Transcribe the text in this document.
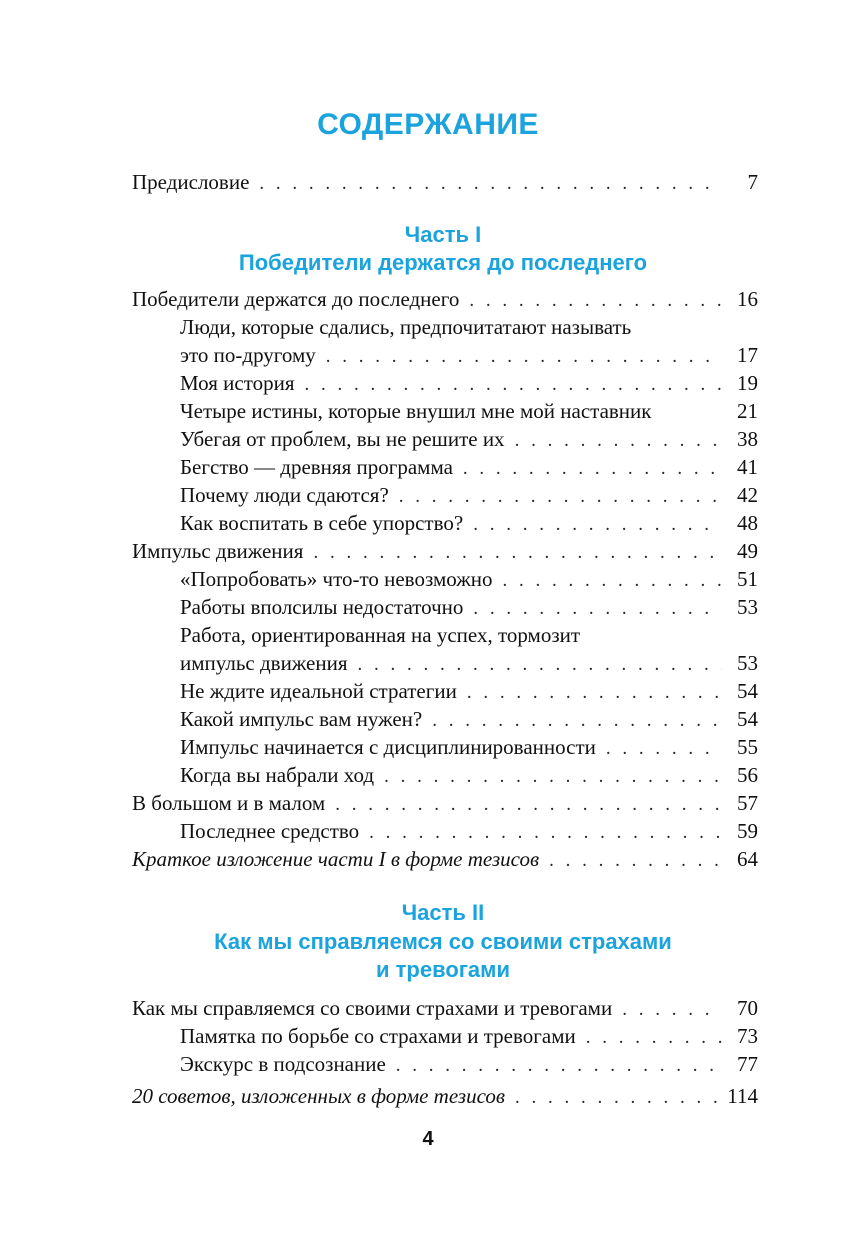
СОДЕРЖАНИЕ
Предисловие . . .	7
Часть I
Победители держатся до последнего
Победители держатся до последнего . . .	16
Люди, которые сдались, предпочитатают называть
это по-другому . . .	17
Моя история . . .	19
Четыре истины, которые внушил мне мой наставник	21
Убегая от проблем, вы не решите их . . .	38
Бегство — древняя программа . . .	41
Почему люди сдаются? . . .	42
Как воспитать в себе упорство? . . .	48
Импульс движения . . .	49
«Попробовать» что-то невозможно . . .	51
Работы вполсилы недостаточно . . .	53
Работа, ориентированная на успех, тормозит
импульс движения . . .	53
Не ждите идеальной стратегии . . .	54
Какой импульс вам нужен? . . .	54
Импульс начинается с дисциплинированности . . .	55
Когда вы набрали ход . . .	56
В большом и в малом . . .	57
Последнее средство . . .	59
Краткое изложение части I в форме тезисов . . .	64
Часть II
Как мы справляемся со своими страхами
и тревогами
Как мы справляемся со своими страхами и тревогами . . .	70
Памятка по борьбе со страхами и тревогами . . .	73
Экскурс в подсознание . . .	77
20 советов, изложенных в форме тезисов . . .	114
4
